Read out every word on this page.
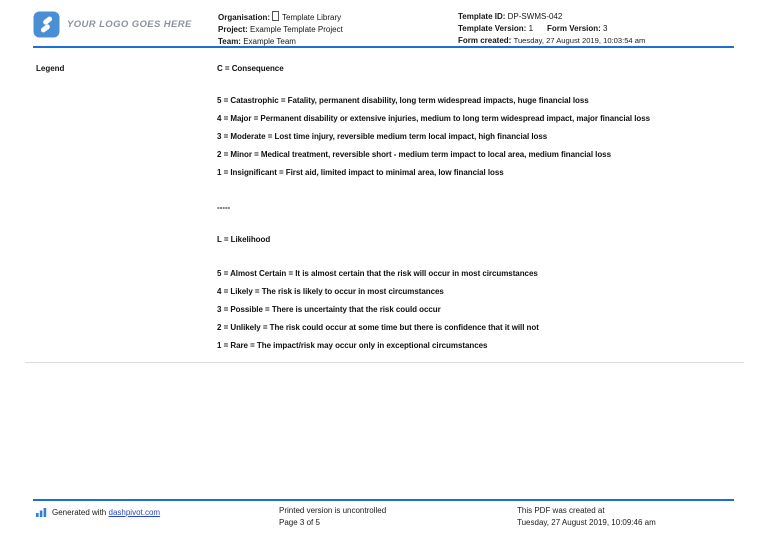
YOUR LOGO GOES HERE
Organisation: Template Library
Project: Example Template Project
Team: Example Team
Template ID: DP-SWMS-042
Template Version: 1 Form Version: 3
Form created: Tuesday, 27 August 2019, 10:03:54 am
Legend	C = Consequence
5 = Catastrophic = Fatality, permanent disability, long term widespread impacts, huge financial loss
4 = Major = Permanent disability or extensive injuries, medium to long term widespread impact, major financial loss
3 = Moderate = Lost time injury, reversible medium term local impact, high financial loss
2 = Minor = Medical treatment, reversible short - medium term impact to local area, medium financial loss
1 = Insignificant = First aid, limited impact to minimal area, low financial loss
-----
L = Likelihood
5 = Almost Certain = It is almost certain that the risk will occur in most circumstances
4 = Likely = The risk is likely to occur in most circumstances
3 = Possible = There is uncertainty that the risk could occur
2 = Unlikely = The risk could occur at some time but there is confidence that it will not
1 = Rare = The impact/risk may occur only in exceptional circumstances
Generated with dashpivot.com	Printed version is uncontrolled
Page 3 of 5
This PDF was created at
Tuesday, 27 August 2019, 10:09:46 am
